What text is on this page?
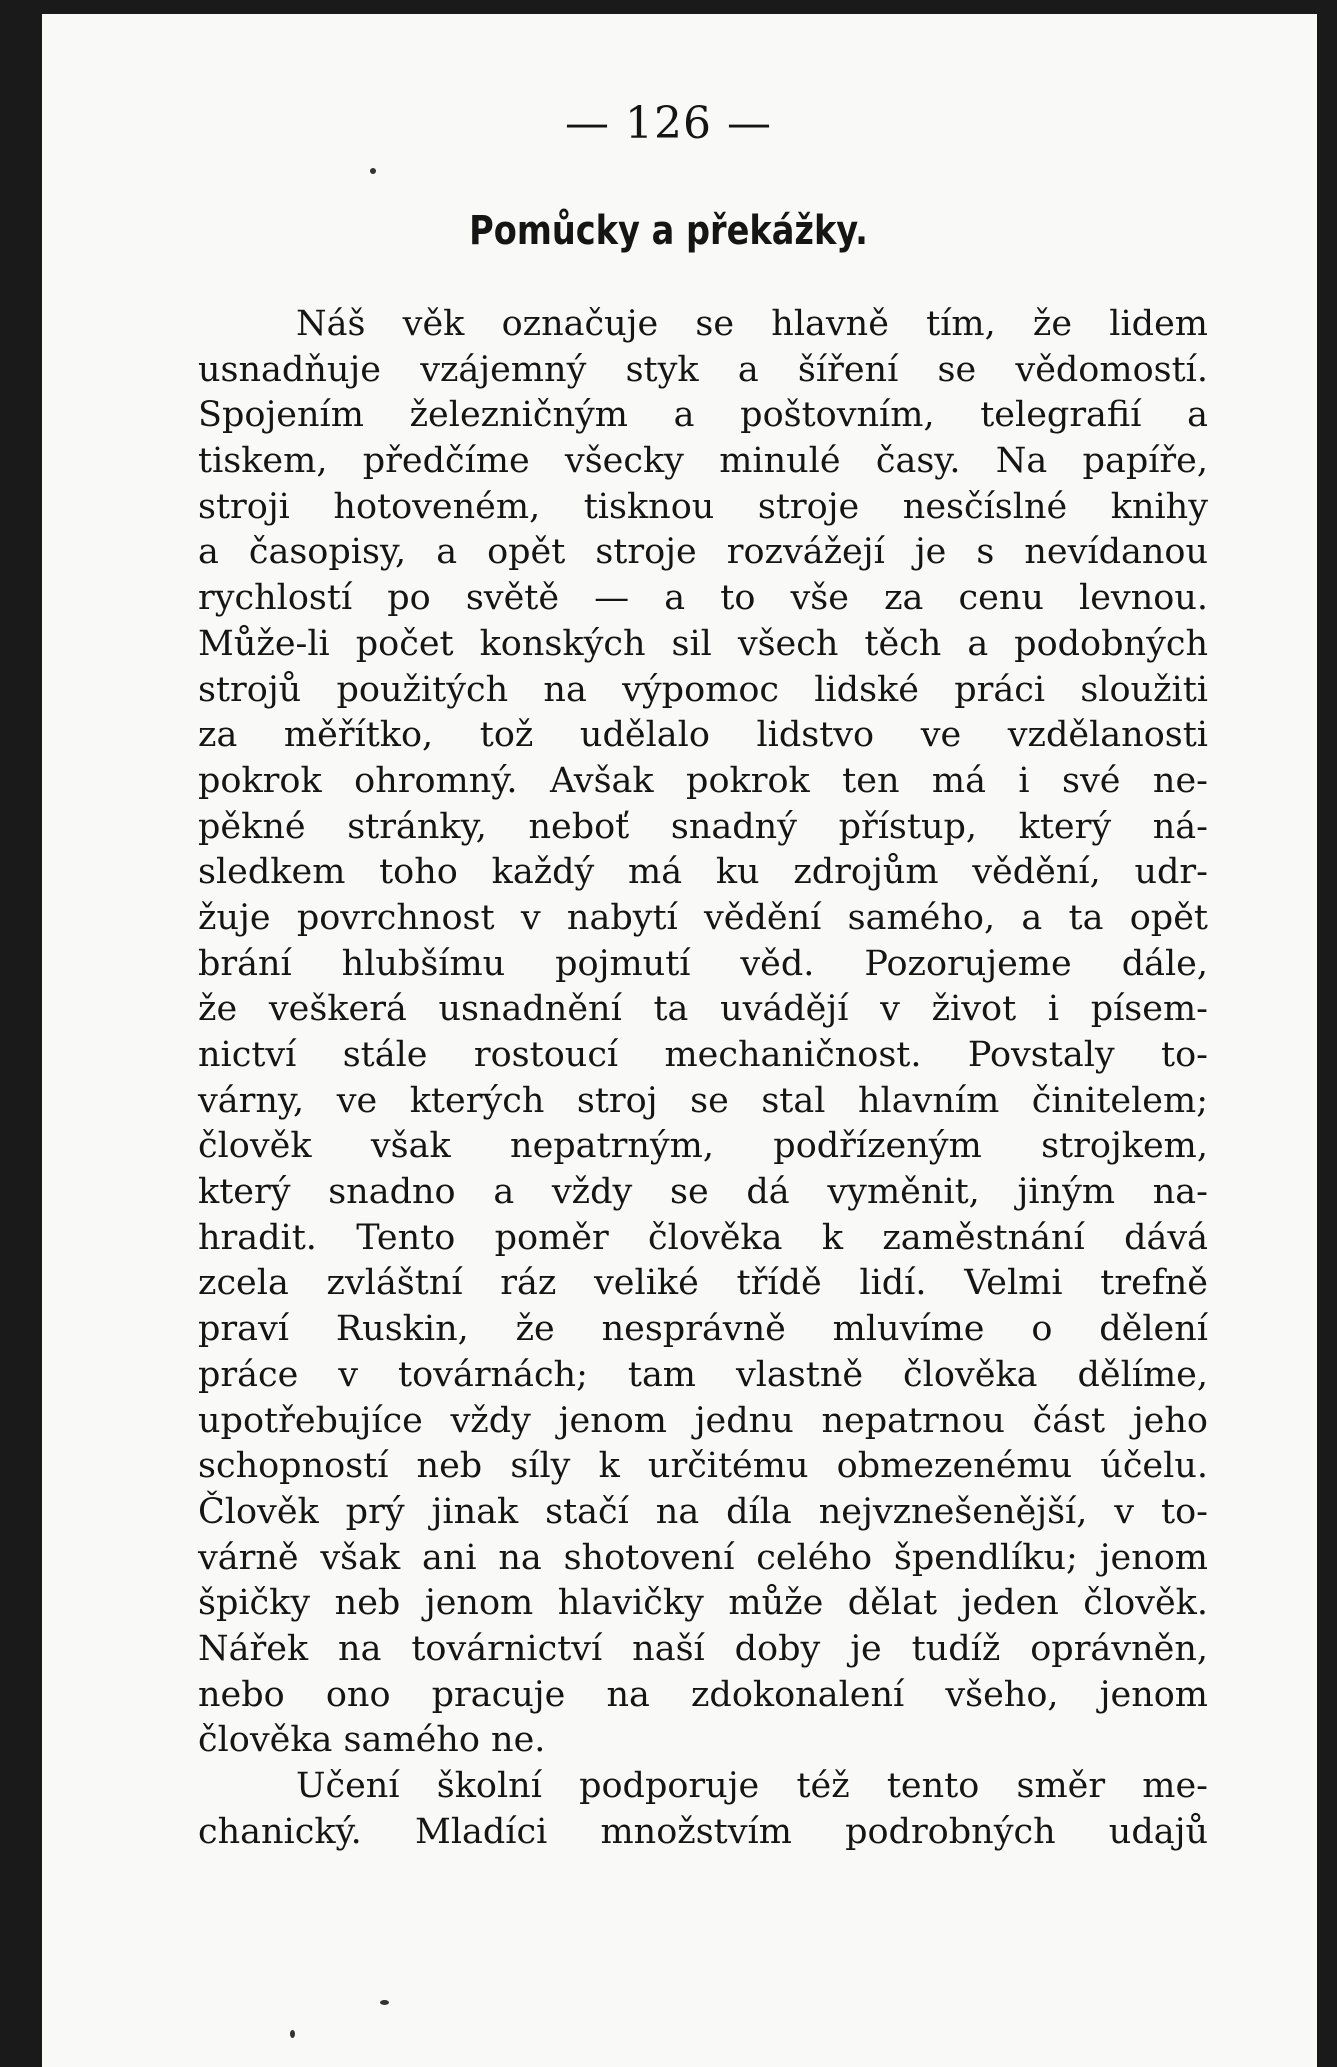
— 126 —
Pomůcky a překážky.
Náš věk označuje se hlavně tím, že lidem
usnadňuje vzájemný styk a šíření se vědomostí.
Spojením železničným a poštovním, telegrafií a
tiskem, předčíme všecky minulé časy. Na papíře,
stroji hotoveném, tisknou stroje nesčíslné knihy
a časopisy, a opět stroje rozvážejí je s nevídanou
rychlostí po světě — a to vše za cenu levnou.
Může-li počet konských sil všech těch a podobných
strojů použitých na výpomoc lidské práci sloužiti
za měřítko, tož udělalo lidstvo ve vzdělanosti
pokrok ohromný. Avšak pokrok ten má i své ne-
pěkné stránky, neboť snadný přístup, který ná-
sledkem toho každý má ku zdrojům vědění, udr-
žuje povrchnost v nabytí vědění samého, a ta opět
brání hlubšímu pojmutí věd. Pozorujeme dále,
že veškerá usnadnění ta uvádějí v život i písem-
nictví stále rostoucí mechaničnost. Povstaly to-
várny, ve kterých stroj se stal hlavním činitelem;
člověk však nepatrným, podřízeným strojkem,
který snadno a vždy se dá vyměnit, jiným na-
hradit. Tento poměr člověka k zaměstnání dává
zcela zvláštní ráz veliké třídě lidí. Velmi trefně
praví Ruskin, že nesprávně mluvíme o dělení
práce v továrnách; tam vlastně člověka dělíme,
upotřebujíce vždy jenom jednu nepatrnou část jeho
schopností neb síly k určitému obmezenému účelu.
Člověk prý jinak stačí na díla nejvznešenější, v to-
várně však ani na shotovení celého špendlíku; jenom
špičky neb jenom hlavičky může dělat jeden člověk.
Nářek na továrnictví naší doby je tudíž oprávněn,
nebo ono pracuje na zdokonalení všeho, jenom
člověka samého ne.
Učení školní podporuje též tento směr me-
chanický. Mladíci množstvím podrobných udajů
